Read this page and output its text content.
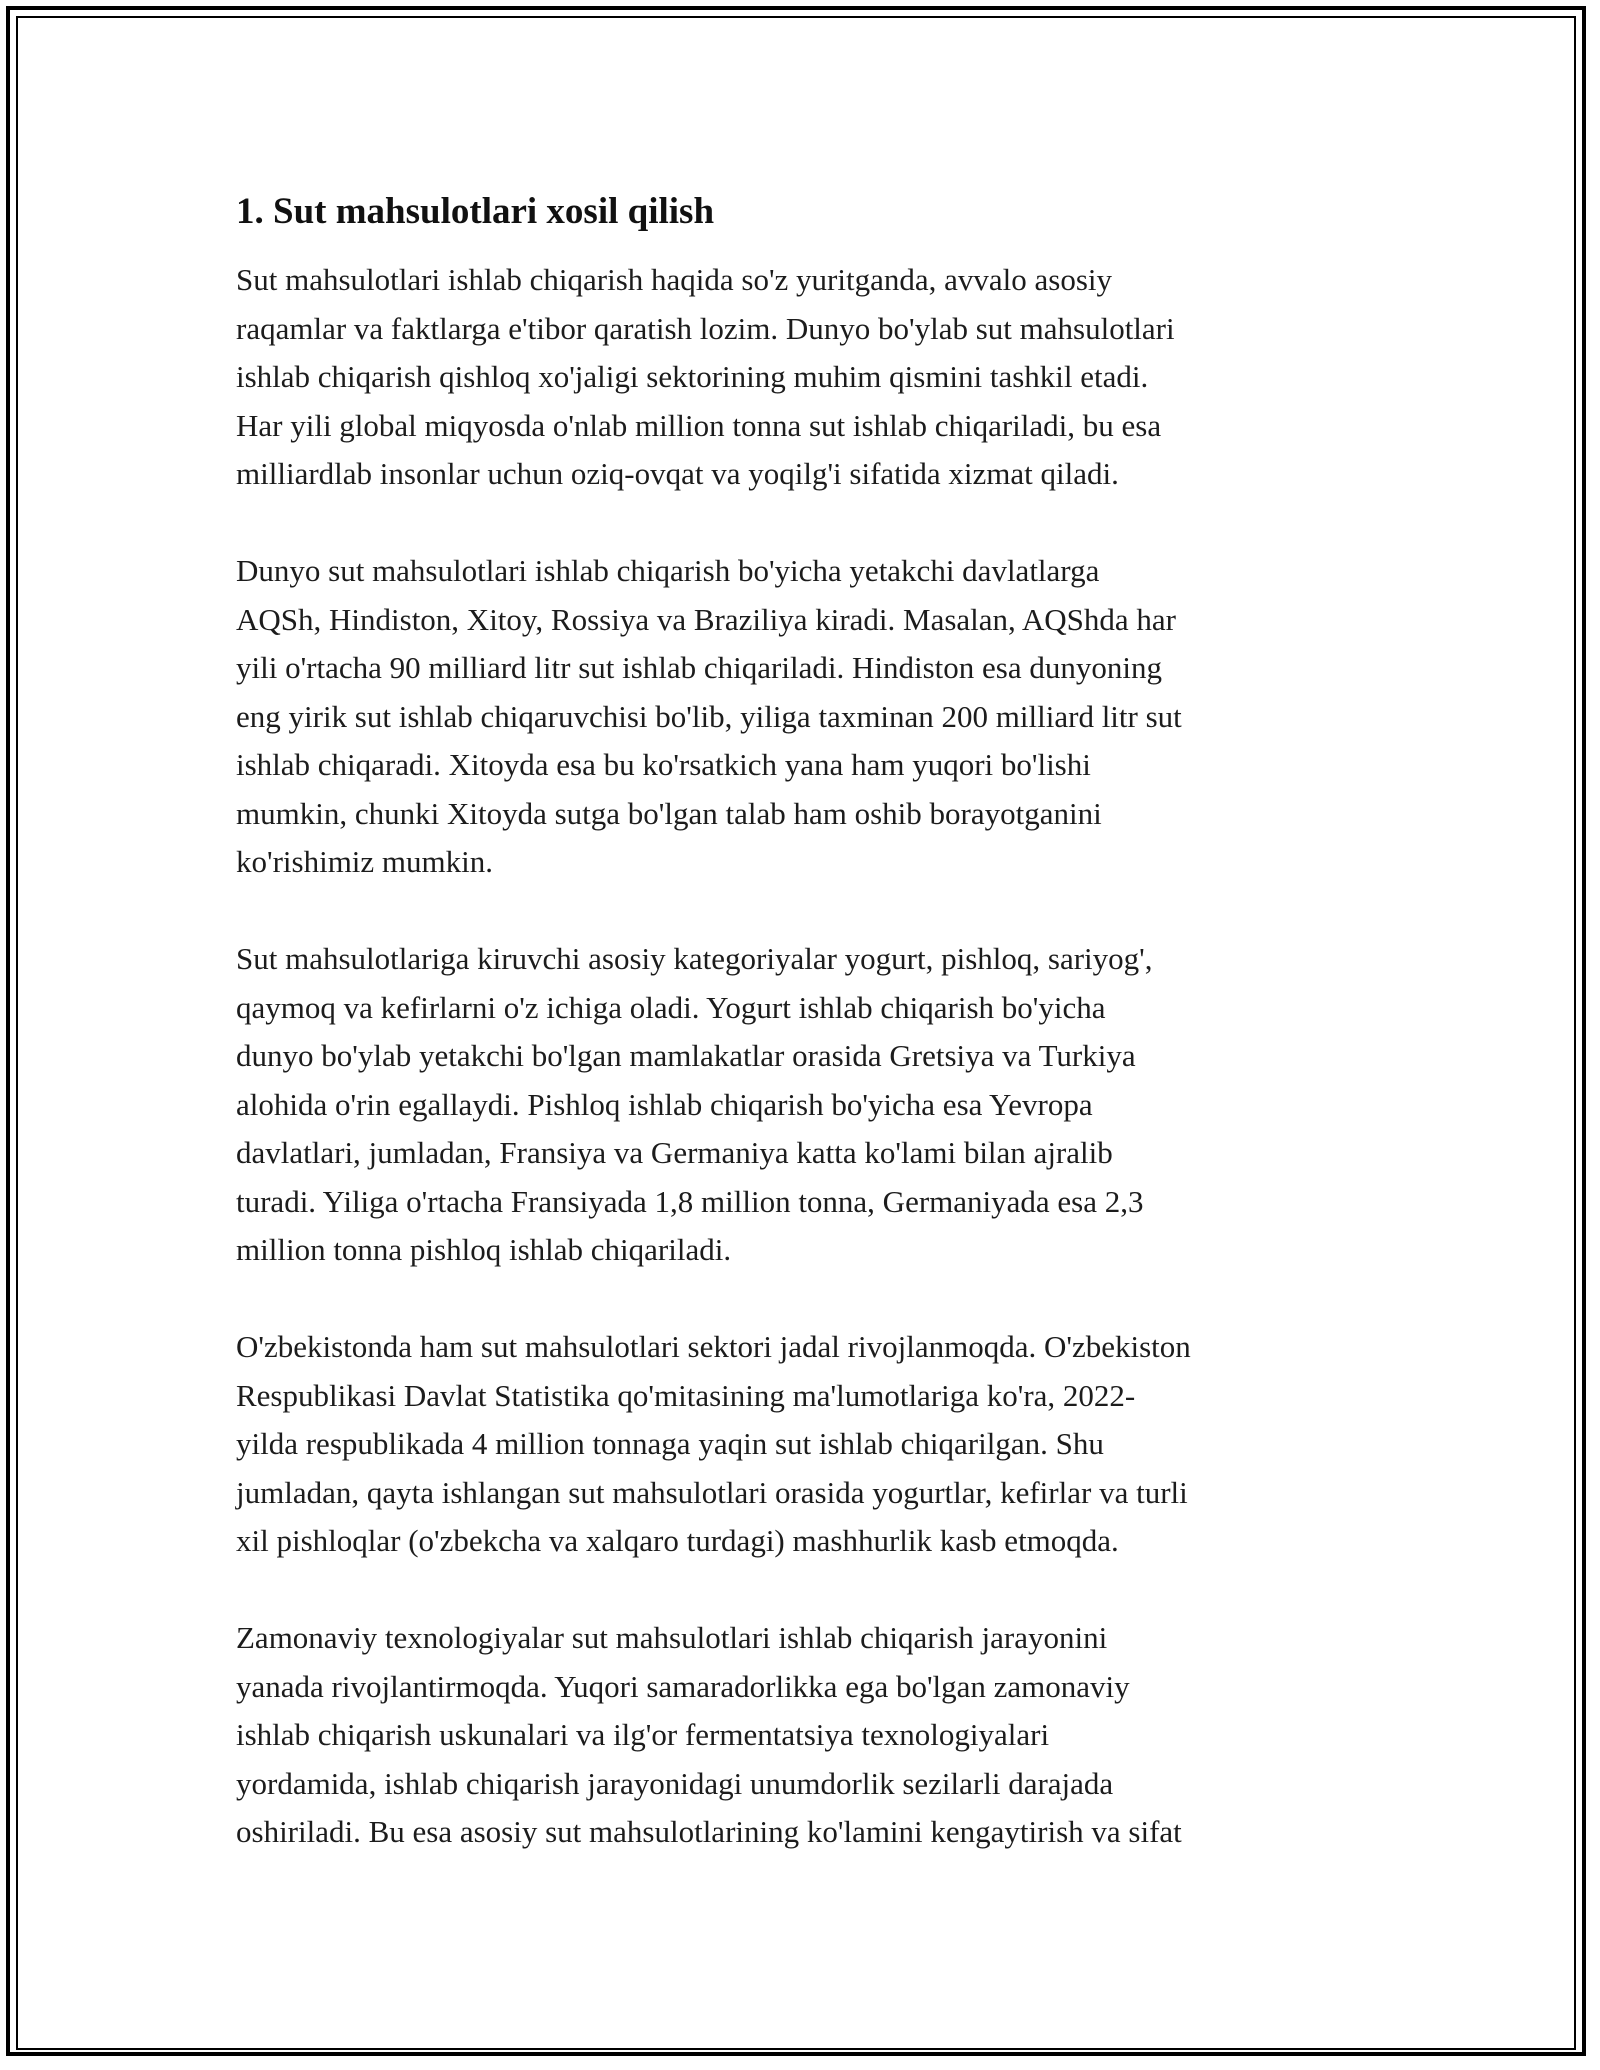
1. Sut mahsulotlari xosil qilish

Sut mahsulotlari ishlab chiqarish haqida so'z yuritganda, avvalo asosiy
raqamlar va faktlarga e'tibor qaratish lozim. Dunyo bo'ylab sut mahsulotlari
ishlab chiqarish qishloq xo'jaligi sektorining muhim qismini tashkil etadi.
Har yili global miqyosda o'nlab million tonna sut ishlab chiqariladi, bu esa
milliardlab insonlar uchun oziq-ovqat va yoqilg'i sifatida xizmat qiladi.

Dunyo sut mahsulotlari ishlab chiqarish bo'yicha yetakchi davlatlarga
AQSh, Hindiston, Xitoy, Rossiya va Braziliya kiradi. Masalan, AQShda har
yili o'rtacha 90 milliard litr sut ishlab chiqariladi. Hindiston esa dunyoning
eng yirik sut ishlab chiqaruvchisi bo'lib, yiliga taxminan 200 milliard litr sut
ishlab chiqaradi. Xitoyda esa bu ko'rsatkich yana ham yuqori bo'lishi
mumkin, chunki Xitoyda sutga bo'lgan talab ham oshib borayotganini
ko'rishimiz mumkin.

Sut mahsulotlariga kiruvchi asosiy kategoriyalar yogurt, pishloq, sariyog',
qaymoq va kefirlarni o'z ichiga oladi. Yogurt ishlab chiqarish bo'yicha
dunyo bo'ylab yetakchi bo'lgan mamlakatlar orasida Gretsiya va Turkiya
alohida o'rin egallaydi. Pishloq ishlab chiqarish bo'yicha esa Yevropa
davlatlari, jumladan, Fransiya va Germaniya katta ko'lami bilan ajralib
turadi. Yiliga o'rtacha Fransiyada 1,8 million tonna, Germaniyada esa 2,3
million tonna pishloq ishlab chiqariladi.

O'zbekistonda ham sut mahsulotlari sektori jadal rivojlanmoqda. O'zbekiston
Respublikasi Davlat Statistika qo'mitasining ma'lumotlariga ko'ra, 2022-
yilda respublikada 4 million tonnaga yaqin sut ishlab chiqarilgan. Shu
jumladan, qayta ishlangan sut mahsulotlari orasida yogurtlar, kefirlar va turli
xil pishloqlar (o'zbekcha va xalqaro turdagi) mashhurlik kasb etmoqda.

Zamonaviy texnologiyalar sut mahsulotlari ishlab chiqarish jarayonini
yanada rivojlantirmoqda. Yuqori samaradorlikka ega bo'lgan zamonaviy
ishlab chiqarish uskunalari va ilg'or fermentatsiya texnologiyalari
yordamida, ishlab chiqarish jarayonidagi unumdorlik sezilarli darajada
oshiriladi. Bu esa asosiy sut mahsulotlarining ko'lamini kengaytirish va sifat
